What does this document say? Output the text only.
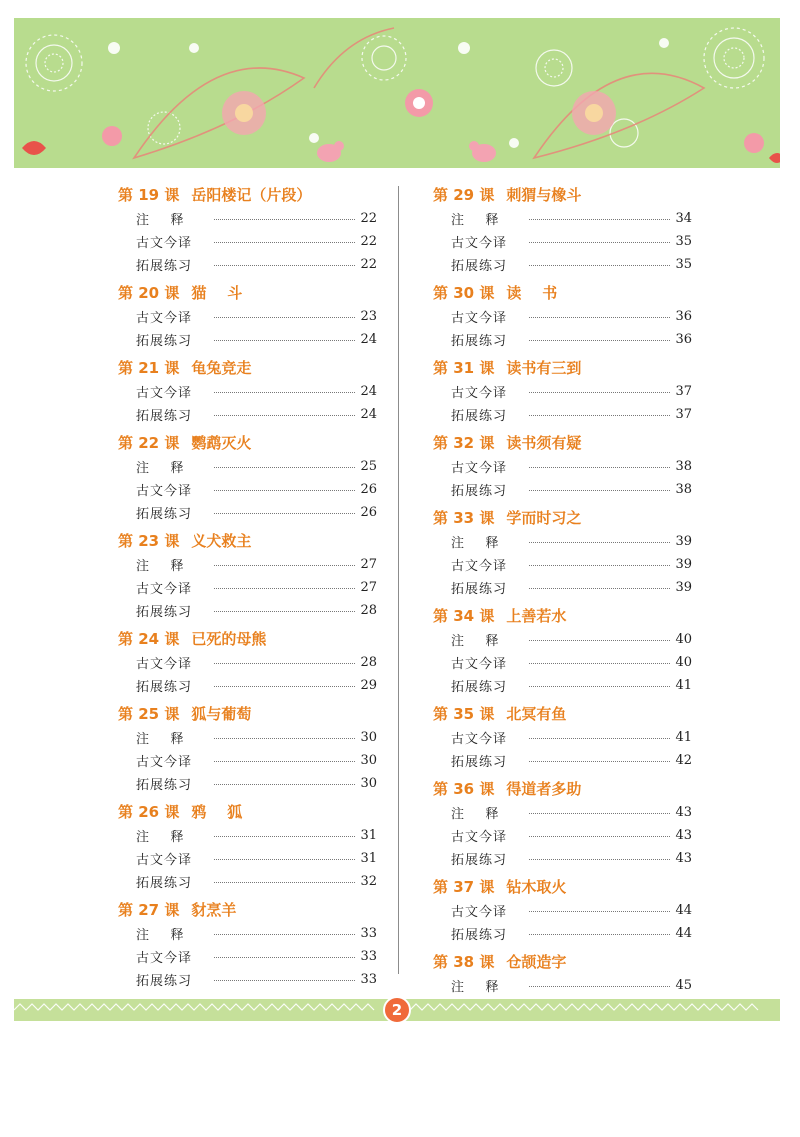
第 19 课 岳阳楼记（片段）
注    释	22
古文今译	22
拓展练习	22
第 20 课 猫    斗
古文今译	23
拓展练习	24
第 21 课 龟兔竞走
古文今译	24
拓展练习	24
第 22 课 鹦鹉灭火
注    释	25
古文今译	26
拓展练习	26
第 23 课 义犬救主
注    释	27
古文今译	27
拓展练习	28
第 24 课 已死的母熊
古文今译	28
拓展练习	29
第 25 课 狐与葡萄
注    释	30
古文今译	30
拓展练习	30
第 26 课 鸦    狐
注    释	31
古文今译	31
拓展练习	32
第 27 课 豺烹羊
注    释	33
古文今译	33
拓展练习	33
第 29 课 刺猬与橡斗
注    释	34
古文今译	35
拓展练习	35
第 30 课 读    书
古文今译	36
拓展练习	36
第 31 课 读书有三到
古文今译	37
拓展练习	37
第 32 课 读书须有疑
古文今译	38
拓展练习	38
第 33 课 学而时习之
注    释	39
古文今译	39
拓展练习	39
第 34 课 上善若水
注    释	40
古文今译	40
拓展练习	41
第 35 课 北冥有鱼
古文今译	41
拓展练习	42
第 36 课 得道者多助
注    释	43
古文今译	43
拓展练习	43
第 37 课 钻木取火
古文今译	44
拓展练习	44
第 38 课 仓颉造字
注    释	45
2
